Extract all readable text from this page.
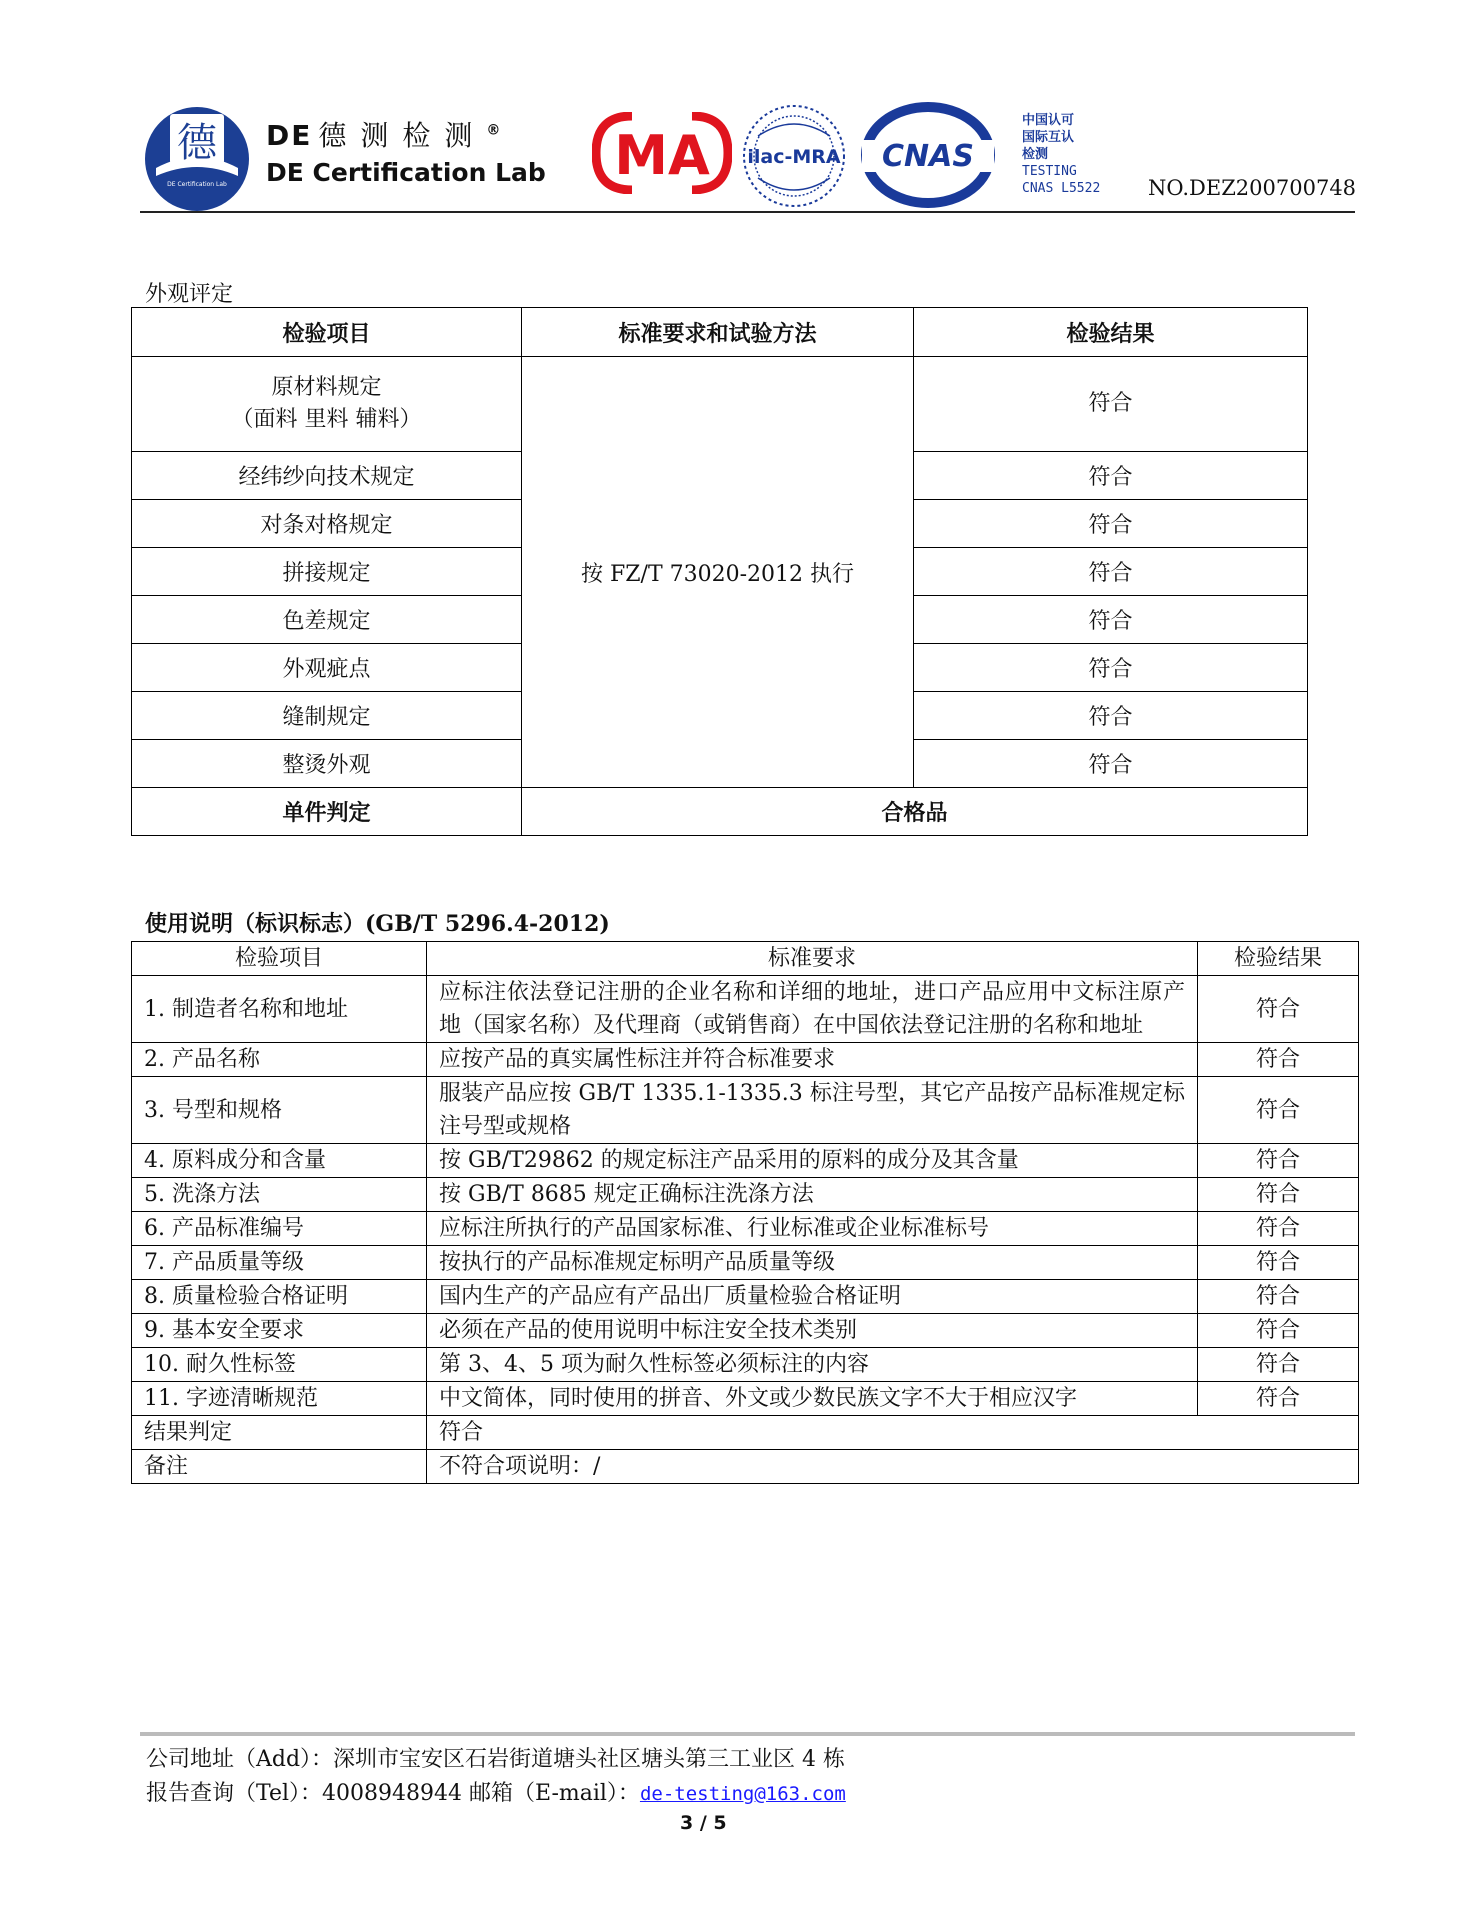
德
DE Certification Lab
DE 德测检测®
DE Certification Lab MA ilac-MRA CNAS
中国认可
国际互认
检测
TESTING
CNAS L5522 NO.DEZ200700748
外观评定
检验项目	标准要求和试验方法	检验结果

原材料规定
（面料 里料 辅料）	按 FZ/T 73020-2012 执行	符合
经纬纱向技术规定		符合
对条对格规定		符合
拼接规定		符合
色差规定		符合
外观疵点		符合
缝制规定		符合
整烫外观		符合
单件判定	合格品	
使用说明（标识标志）(GB/T 5296.4-2012)
检验项目	标准要求	检验结果
1. 制造者名称和地址	应标注依法登记注册的企业名称和详细的地址，进口产品应用中文标注原产地（国家名称）及代理商（或销售商）在中国依法登记注册的名称和地址	符合
2. 产品名称	应按产品的真实属性标注并符合标准要求	符合
3. 号型和规格	服装产品应按 GB/T 1335.1-1335.3 标注号型，其它产品按产品标准规定标注号型或规格	符合
4. 原料成分和含量	按 GB/T29862 的规定标注产品采用的原料的成分及其含量	符合
5. 洗涤方法	按 GB/T 8685 规定正确标注洗涤方法	符合
6. 产品标准编号	应标注所执行的产品国家标准、行业标准或企业标准标号	符合
7. 产品质量等级	按执行的产品标准规定标明产品质量等级	符合
8. 质量检验合格证明	国内生产的产品应有产品出厂质量检验合格证明	符合
9. 基本安全要求	必须在产品的使用说明中标注安全技术类别	符合
10. 耐久性标签	第 3、4、5 项为耐久性标签必须标注的内容	符合
11. 字迹清晰规范	中文简体，同时使用的拼音、外文或少数民族文字不大于相应汉字	符合
结果判定	符合	
备注	不符合项说明：/	
公司地址（Add）：深圳市宝安区石岩街道塘头社区塘头第三工业区 4 栋
报告查询（Tel）：4008948944 邮箱（E-mail）：de-testing@163.com
3 / 5
